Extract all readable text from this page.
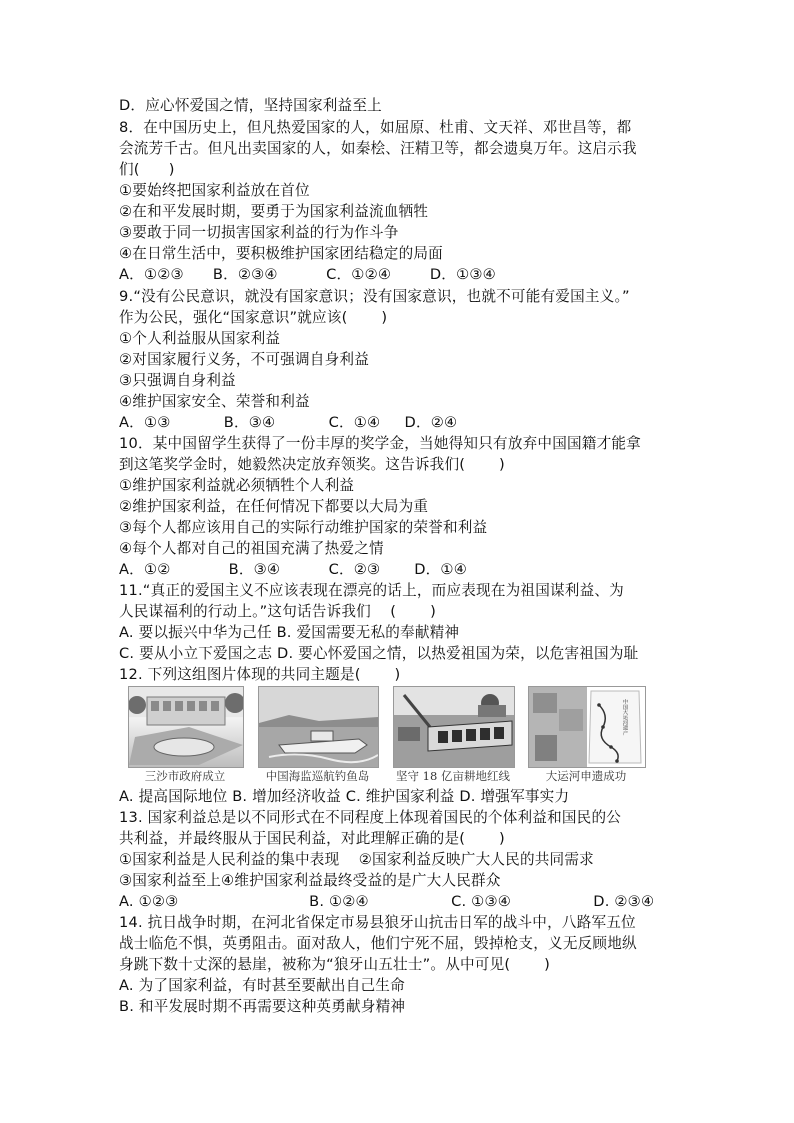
D．应心怀爱国之情，坚持国家利益至上
8．在中国历史上，但凡热爱国家的人，如屈原、杜甫、文天祥、邓世昌等，都
会流芳千古。但凡出卖国家的人，如秦桧、汪精卫等，都会遗臭万年。这启示我
们(      )
①要始终把国家利益放在首位
②在和平发展时期，要勇于为国家利益流血牺牲
③要敢于同一切损害国家利益的行为作斗争
④在日常生活中，要积极维护国家团结稳定的局面
A．①②③      B．②③④          C．①②④        D．①③④
9.“没有公民意识，就没有国家意识；没有国家意识，也就不可能有爱国主义。”
作为公民，强化“国家意识”就应该(       )
①个人利益服从国家利益
②对国家履行义务，不可强调自身利益
③只强调自身利益
④维护国家安全、荣誉和利益
A．①③           B．③④           C．①④     D．②④
10．某中国留学生获得了一份丰厚的奖学金，当她得知只有放弃中国国籍才能拿
到这笔奖学金时，她毅然决定放弃领奖。这告诉我们(       )
①维护国家利益就必须牺牲个人利益
②维护国家利益，在任何情况下都要以大局为重
③每个人都应该用自己的实际行动维护国家的荣誉和利益
④每个人都对自己的祖国充满了热爱之情
A．①②            B．③④          C．②③       D．①④
11.“真正的爱国主义不应该表现在漂亮的话上，而应表现在为祖国谋利益、为
人民谋福利的行动上。”这句话告诉我们    (       )
A. 要以振兴中华为己任 B. 爱国需要无私的奉献精神
C. 要从小立下爱国之志 D. 要心怀爱国之情，以热爱祖国为荣，以危害祖国为耻
12. 下列这组图片体现的共同主题是(       )
中国大运河遗产
三沙市政府成立	中国海监巡航钓鱼岛	坚守 18 亿亩耕地红线	大运河申遗成功
A. 提高国际地位 B. 增加经济收益 C. 维护国家利益 D. 增强军事实力
13. 国家利益总是以不同形式在不同程度上体现着国民的个体利益和国民的公
共利益，并最终服从于国民利益，对此理解正确的是(       )
①国家利益是人民利益的集中表现    ②国家利益反映广大人民的共同需求
③国家利益至上④维护国家利益最终受益的是广大人民群众
A. ①②③                           B. ①②④                 C. ①③④                 D. ②③④
14. 抗日战争时期，在河北省保定市易县狼牙山抗击日军的战斗中，八路军五位
战士临危不惧，英勇阻击。面对敌人，他们宁死不屈，毁掉枪支，义无反顾地纵
身跳下数十丈深的悬崖，被称为“狼牙山五壮士”。从中可见(       )
A. 为了国家利益，有时甚至要献出自己生命
B. 和平发展时期不再需要这种英勇献身精神
